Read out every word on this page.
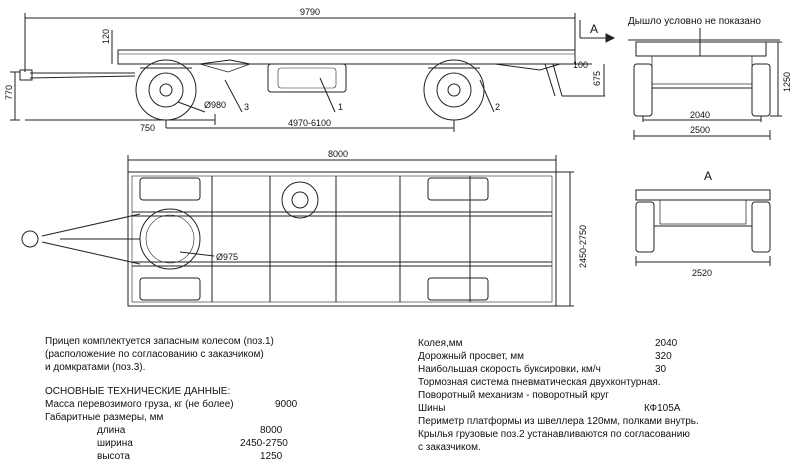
9790
770
120
Ø980
750	4970-6100
100
675
1	2
3
А
8000
2450-2750
Ø975
Дышло условно не показано
1250
2040
2500
А
2520
Прицеп комплектуется запасным колесом (поз.1)
(расположение по согласованию с заказчиком)
и домкратами (поз.3).
ОСНОВНЫЕ ТЕХНИЧЕСКИЕ ДАННЫЕ:
Масса перевозимого груза, кг (не более)	9000
Габаритные размеры, мм
длина	8000
ширина	2450-2750
высота	1250
Колея,мм	2040
Дорожный просвет, мм	320
Наибольшая скорость буксировки, км/ч	30
Тормозная система пневматическая двухконтурная.
Поворотный механизм - поворотный круг
Шины	КФ105А
Периметр платформы из швеллера 120мм, полками внутрь.
Крылья грузовые поз.2 устанавливаются по согласованию
с заказчиком.
